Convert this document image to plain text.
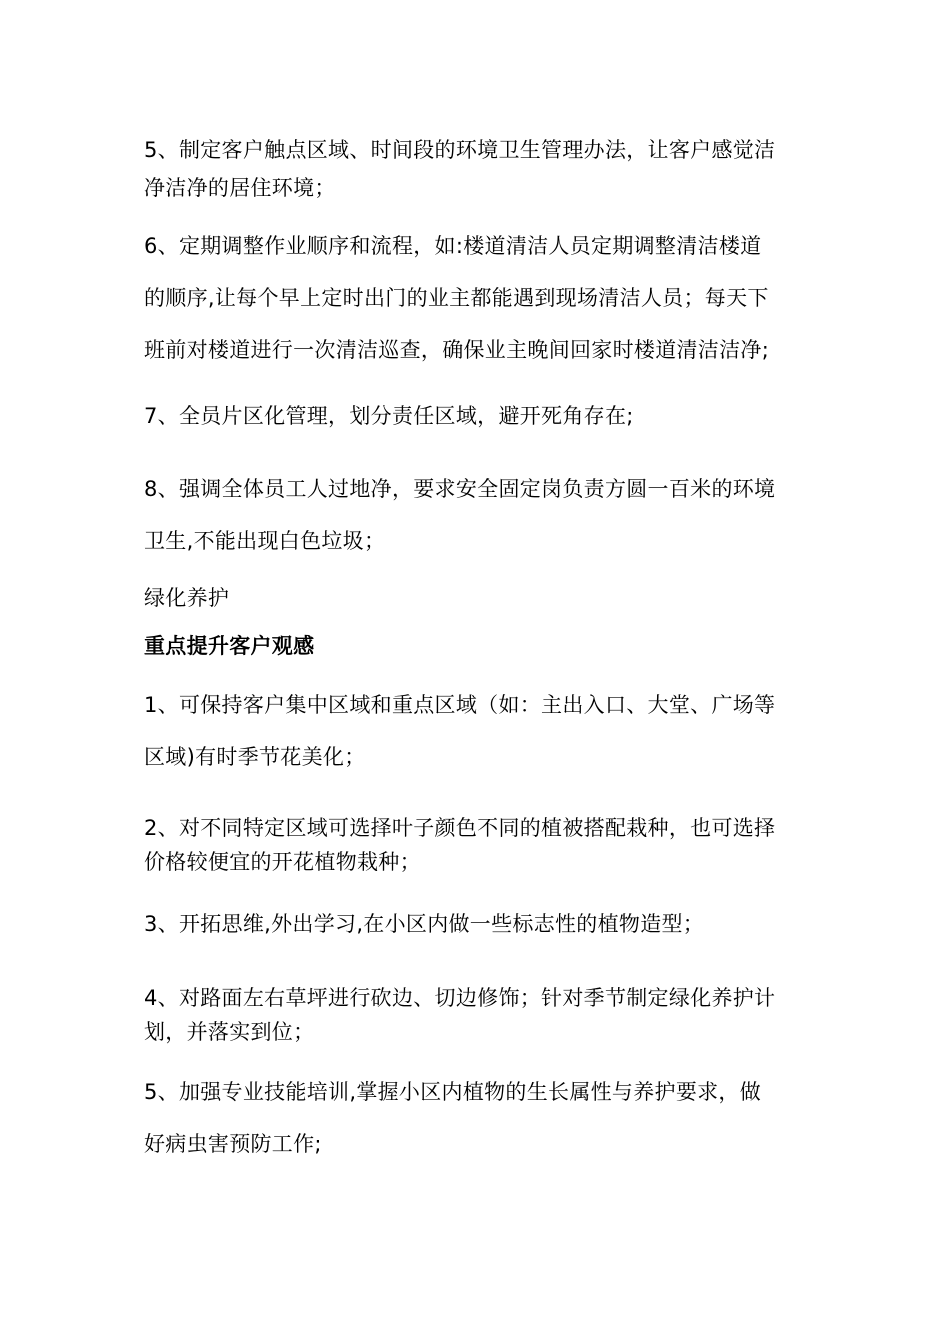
5、制定客户触点区域、时间段的环境卫生管理办法，让客户感觉洁
净洁净的居住环境；

6、定期调整作业顺序和流程，如:楼道清洁人员定期调整清洁楼道
的顺序,让每个早上定时出门的业主都能遇到现场清洁人员；每天下
班前对楼道进行一次清洁巡查，确保业主晚间回家时楼道清洁洁净;

7、全员片区化管理，划分责任区域，避开死角存在;

8、强调全体员工人过地净，要求安全固定岗负责方圆一百米的环境
卫生,不能出现白色垃圾；

绿化养护

重点提升客户观感

1、可保持客户集中区域和重点区域（如：主出入口、大堂、广场等
区域)有时季节花美化；

2、对不同特定区域可选择叶子颜色不同的植被搭配栽种，也可选择
价格较便宜的开花植物栽种；

3、开拓思维,外出学习,在小区内做一些标志性的植物造型；

4、对路面左右草坪进行砍边、切边修饰；针对季节制定绿化养护计
划，并落实到位；

5、加强专业技能培训,掌握小区内植物的生长属性与养护要求，做
好病虫害预防工作;
